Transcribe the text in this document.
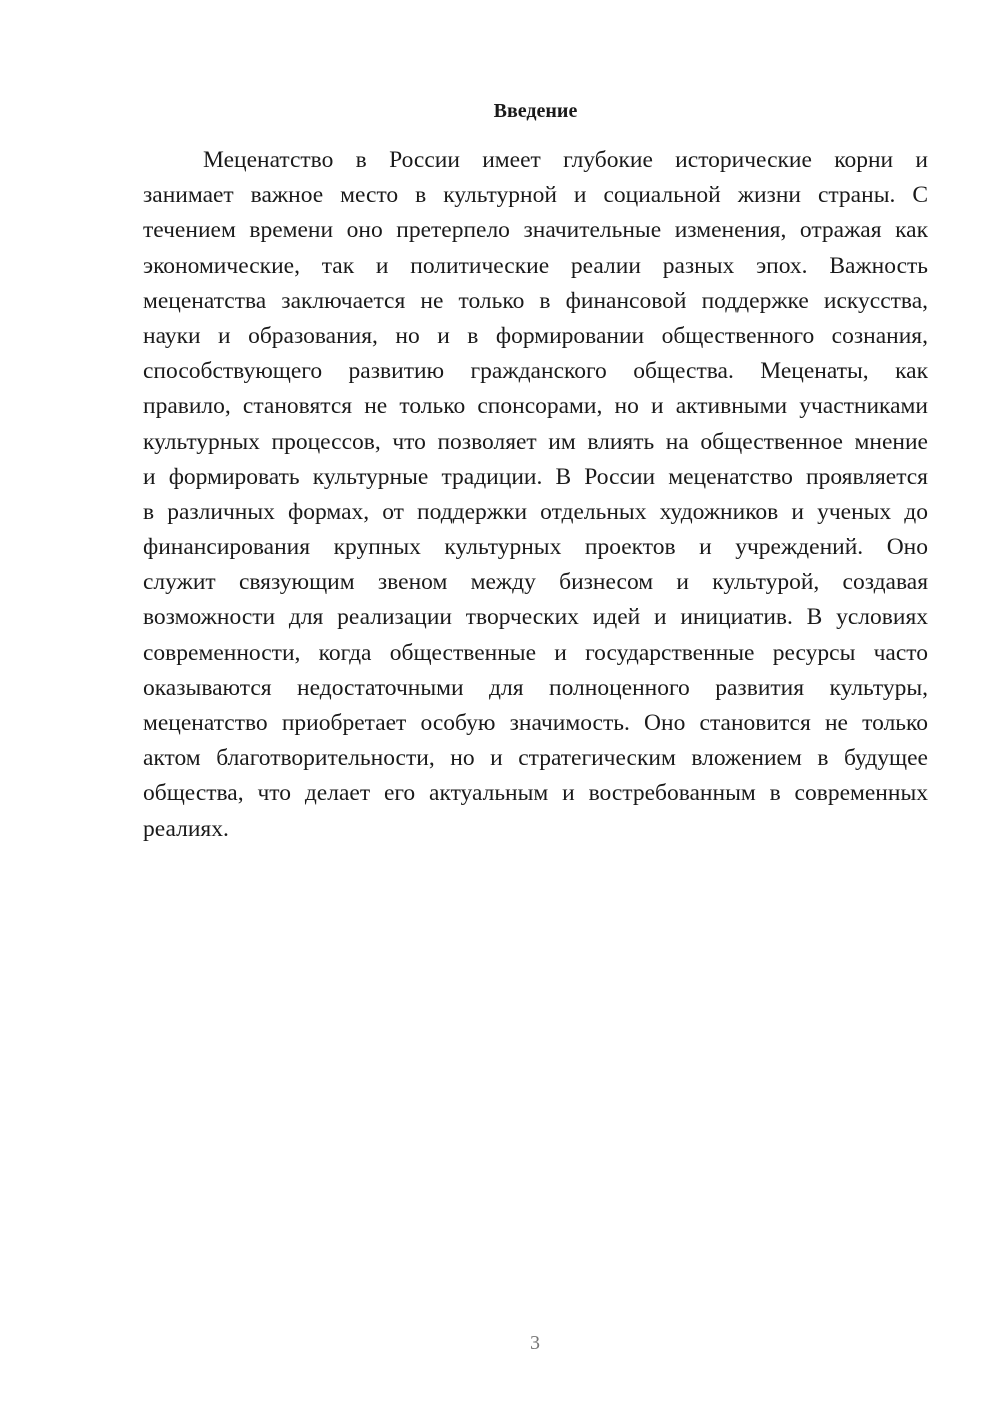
Введение
Меценатство в России имеет глубокие исторические корни и
занимает важное место в культурной и социальной жизни страны. С
течением времени оно претерпело значительные изменения, отражая как
экономические, так и политические реалии разных эпох. Важность
меценатства заключается не только в финансовой поддержке искусства,
науки и образования, но и в формировании общественного сознания,
способствующего развитию гражданского общества. Меценаты, как
правило, становятся не только спонсорами, но и активными участниками
культурных процессов, что позволяет им влиять на общественное мнение
и формировать культурные традиции. В России меценатство проявляется
в различных формах, от поддержки отдельных художников и ученых до
финансирования крупных культурных проектов и учреждений. Оно
служит связующим звеном между бизнесом и культурой, создавая
возможности для реализации творческих идей и инициатив. В условиях
современности, когда общественные и государственные ресурсы часто
оказываются недостаточными для полноценного развития культуры,
меценатство приобретает особую значимость. Оно становится не только
актом благотворительности, но и стратегическим вложением в будущее
общества, что делает его актуальным и востребованным в современных
реалиях.
3
